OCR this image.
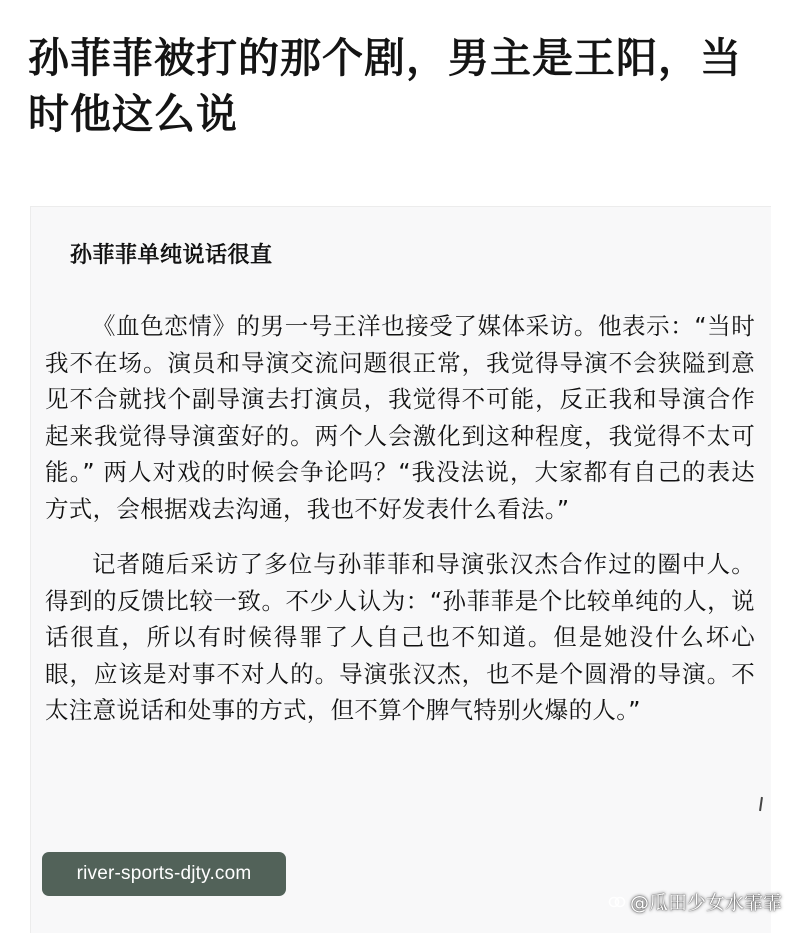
孙菲菲被打的那个剧，男主是王阳，当时他这么说
孙菲菲单纯说话很直

《血色恋情》的男一号王洋也接受了媒体采访。他表示：“当时我不在场。演员和导演交流问题很正常，我觉得导演不会狭隘到意见不合就找个副导演去打演员，我觉得不可能，反正我和导演合作起来我觉得导演蛮好的。两个人会激化到这种程度，我觉得不太可能。” 两人对戏的时候会争论吗？“我没法说，大家都有自己的表达方式，会根据戏去沟通，我也不好发表什么看法。”

记者随后采访了多位与孙菲菲和导演张汉杰合作过的圈中人。得到的反馈比较一致。不少人认为：“孙菲菲是个比较单纯的人，说话很直，所以有时候得罪了人自己也不知道。但是她没什么坏心眼，应该是对事不对人的。导演张汉杰，也不是个圆滑的导演。不太注意说话和处事的方式，但不算个脾气特别火爆的人。”

river-sports-djty.com
@瓜田少女水霏霏
